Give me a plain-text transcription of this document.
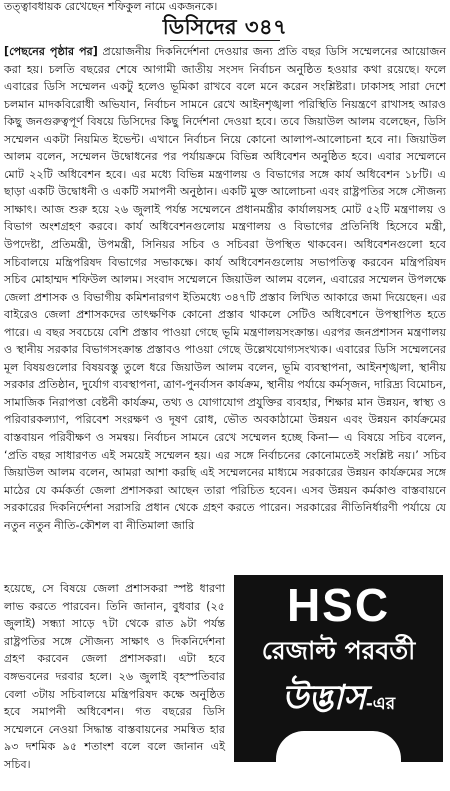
তত্ত্বাবধায়ক রেখেছেন শফিকুল নামে একজনকে।
ডিসিদের ৩৪৭

[পেছনের পৃষ্ঠার পর] প্রয়োজনীয় দিকনির্দেশনা দেওয়ার জন্য প্রতি বছর ডিসি সম্মেলনের আয়োজন করা হয়। চলতি বছরের শেষে আগামী জাতীয় সংসদ নির্বাচন অনুষ্ঠিত হওয়ার কথা রয়েছে। ফলে এবারের ডিসি সম্মেলন একটু হলেও ভূমিকা রাখবে বলে মনে করেন সংশ্লিষ্টরা। ঢাকাসহ সারা দেশে চলমান মাদকবিরোধী অভিযান, নির্বাচন সামনে রেখে আইনশৃঙ্খলা পরিস্থিতি নিয়ন্ত্রণে রাখাসহ আরও কিছু জনগুরুত্বপূর্ণ বিষয়ে ডিসিদের কিছু নির্দেশনা দেওয়া হবে। তবে জিয়াউল আলম বলেছেন, ডিসি সম্মেলন একটা নিয়মিত ইভেন্ট। এখানে নির্বাচন নিয়ে কোনো আলাপ-আলোচনা হবে না। জিয়াউল আলম বলেন, সম্মেলন উদ্বোধনের পর পর্যায়ক্রমে বিভিন্ন অধিবেশন অনুষ্ঠিত হবে। এবার সম্মেলনে মোট ২২টি অধিবেশন হবে। এর মধ্যে বিভিন্ন মন্ত্রণালয় ও বিভাগের সঙ্গে কার্য অধিবেশন ১৮টি। এ ছাড়া একটি উদ্বোধনী ও একটি সমাপনী অনুষ্ঠান। একটি মুক্ত আলোচনা এবং রাষ্ট্রপতির সঙ্গে সৌজন্য সাক্ষাৎ। আজ শুরু হয়ে ২৬ জুলাই পর্যন্ত সম্মেলনে প্রধানমন্ত্রীর কার্যালয়সহ মোট ৫২টি মন্ত্রণালয় ও বিভাগ অংশগ্রহণ করবে। কার্য অধিবেশনগুলোয় মন্ত্রণালয় ও বিভাগের প্রতিনিধি হিসেবে মন্ত্রী, উপদেষ্টা, প্রতিমন্ত্রী, উপমন্ত্রী, সিনিয়র সচিব ও সচিবরা উপস্থিত থাকবেন। অধিবেশনগুলো হবে সচিবালয়ে মন্ত্রিপরিষদ বিভাগের সভাকক্ষে। কার্য অধিবেশনগুলোয় সভাপতিত্ব করবেন মন্ত্রিপরিষদ সচিব মোহাম্মদ শফিউল আলম। সংবাদ সম্মেলনে জিয়াউল আলম বলেন, এবারের সম্মেলন উপলক্ষে জেলা প্রশাসক ও বিভাগীয় কমিশনারগণ ইতিমধ্যে ৩৪৭টি প্রস্তাব লিখিত আকারে জমা দিয়েছেন। এর বাইরেও জেলা প্রশাসকদের তাৎক্ষণিক কোনো প্রস্তাব থাকলে সেটিও অধিবেশনে উপস্থাপিত হতে পারে। এ বছর সবচেয়ে বেশি প্রস্তাব পাওয়া গেছে ভূমি মন্ত্রণালয়সংক্রান্ত। এরপর জনপ্রশাসন মন্ত্রণালয় ও স্থানীয় সরকার বিভাগসংক্রান্ত প্রস্তাবও পাওয়া গেছে উল্লেখযোগ্যসংখ্যক। এবারের ডিসি সম্মেলনের মূল বিষয়গুলোর বিষয়বস্তু তুলে ধরে জিয়াউল আলম বলেন, ভূমি ব্যবস্থাপনা, আইনশৃঙ্খলা, স্থানীয় সরকার প্রতিষ্ঠান, দুর্যোগ ব্যবস্থাপনা, ত্রাণ-পুনর্বাসন কার্যক্রম, স্থানীয় পর্যায়ে কর্মসৃজন, দারিদ্র্য বিমোচন, সামাজিক নিরাপত্তা বেষ্টনী কার্যক্রম, তথ্য ও যোগাযোগ প্রযুক্তির ব্যবহার, শিক্ষার মান উন্নয়ন, স্বাস্থ্য ও পরিবারকল্যাণ, পরিবেশ সংরক্ষণ ও দূষণ রোধ, ভৌত অবকাঠামো উন্নয়ন এবং উন্নয়ন কার্যক্রমের বাস্তবায়ন পরিবীক্ষণ ও সমন্বয়। নির্বাচন সামনে রেখে সম্মেলন হচ্ছে কিনা— এ বিষয়ে সচিব বলেন, ‘প্রতি বছর সাধারণত এই সময়েই সম্মেলন হয়। এর সঙ্গে নির্বাচনের কোনোমতেই সংশ্লিষ্ট নয়।’ সচিব জিয়াউল আলম বলেন, আমরা আশা করছি এই সম্মেলনের মাধ্যমে সরকারের উন্নয়ন কার্যক্রমের সঙ্গে মাঠের যে কর্মকর্তা জেলা প্রশাসকরা আছেন তারা পরিচিত হবেন। এসব উন্নয়ন কর্মকাণ্ড বাস্তবায়নে সরকারের দিকনির্দেশনা সরাসরি প্রধান থেকে গ্রহণ করতে পারেন। সরকারের নীতিনির্ধারণী পর্যায়ে যে নতুন নতুন নীতি-কৌশল বা নীতিমালা জারি

হয়েছে, সে বিষয়ে জেলা প্রশাসকরা স্পষ্ট ধারণা লাভ করতে পারবেন। তিনি জানান, বুধবার (২৫ জুলাই) সন্ধ্যা সাড়ে ৭টা থেকে রাত ৯টা পর্যন্ত রাষ্ট্রপতির সঙ্গে সৌজন্য সাক্ষাৎ ও দিকনির্দেশনা গ্রহণ করবেন জেলা প্রশাসকরা। এটা হবে বঙ্গভবনের দরবার হলে। ২৬ জুলাই বৃহস্পতিবার বেলা ৩টায় সচিবালয়ে মন্ত্রিপরিষদ কক্ষে অনুষ্ঠিত হবে সমাপনী অধিবেশন। গত বছরের ডিসি সম্মেলনে নেওয়া সিদ্ধান্ত বাস্তবায়নের সমন্বিত হার ৯৩ দশমিক ৯৫ শতাংশ বলে বলে জানান এই সচিব।

HSC
রেজাল্ট পরবর্তী
উদ্ভাস-এর
